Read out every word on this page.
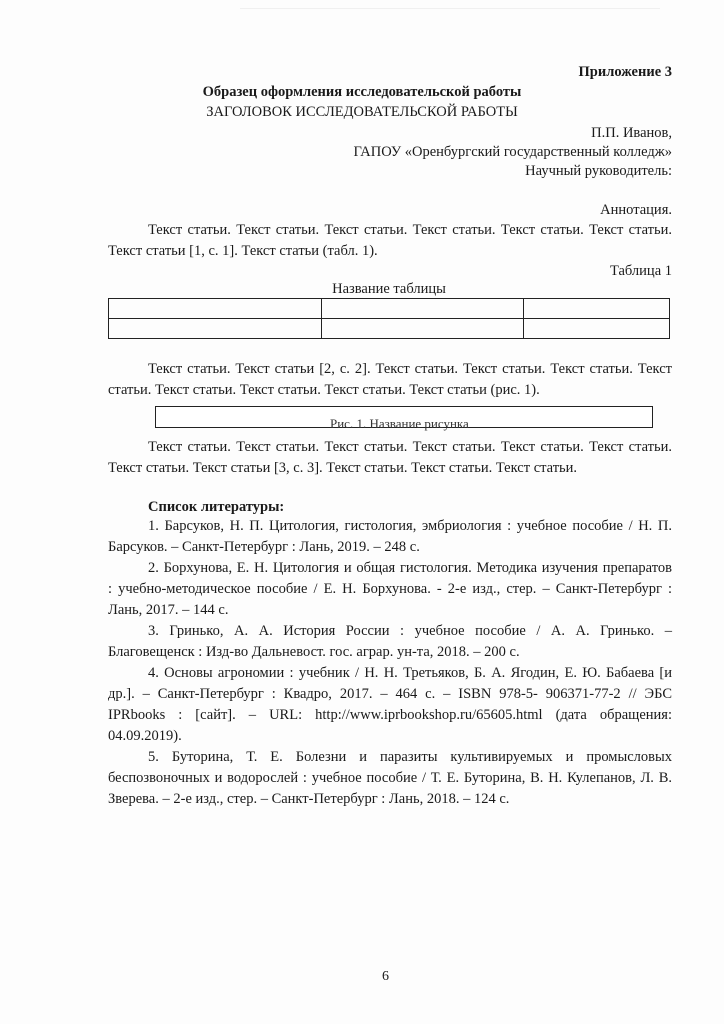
Приложение 3
Образец оформления исследовательской работы
ЗАГОЛОВОК ИССЛЕДОВАТЕЛЬСКОЙ РАБОТЫ
П.П. Иванов,
ГАПОУ «Оренбургский государственный колледж»
Научный руководитель:
Аннотация.
Текст статьи. Текст статьи. Текст статьи. Текст статьи. Текст статьи. Текст статьи.
Текст статьи [1, с. 1]. Текст статьи (табл. 1).
Таблица 1
Название таблицы

Текст статьи. Текст статьи [2, с. 2]. Текст статьи. Текст статьи. Текст статьи. Текст
статьи. Текст статьи. Текст статьи. Текст статьи. Текст статьи (рис. 1).
Рис. 1. Название рисунка
Текст статьи. Текст статьи. Текст статьи. Текст статьи. Текст статьи. Текст статьи.
Текст статьи. Текст статьи [3, с. 3]. Текст статьи. Текст статьи. Текст статьи.
Список литературы:
1. Барсуков, Н. П. Цитология, гистология, эмбриология : учебное пособие / Н. П.
Барсуков. – Санкт-Петербург : Лань, 2019. – 248 с.
2. Борхунова, Е. Н. Цитология и общая гистология. Методика изучения препаратов
: учебно-методическое пособие / Е. Н. Борхунова. - 2-е изд., стер. – Санкт-Петербург :
Лань, 2017. – 144 с.
3. Гринько, А. А. История России : учебное пособие / А. А. Гринько. –
Благовещенск : Изд-во Дальневост. гос. аграр. ун-та, 2018. – 200 с.
4. Основы агрономии : учебник / Н. Н. Третьяков, Б. А. Ягодин, Е. Ю. Бабаева [и
др.]. – Санкт-Петербург : Квадро, 2017. – 464 с. – ISBN 978-5- 906371-77-2 // ЭБС
IPRbooks : [сайт]. – URL: http://www.iprbookshop.ru/65605.html (дата обращения:
04.09.2019).
5. Буторина, Т. Е. Болезни и паразиты культивируемых и промысловых
беспозвоночных и водорослей : учебное пособие / Т. Е. Буторина, В. Н. Кулепанов, Л. В.
Зверева. – 2-е изд., стер. – Санкт-Петербург : Лань, 2018. – 124 с.
6
